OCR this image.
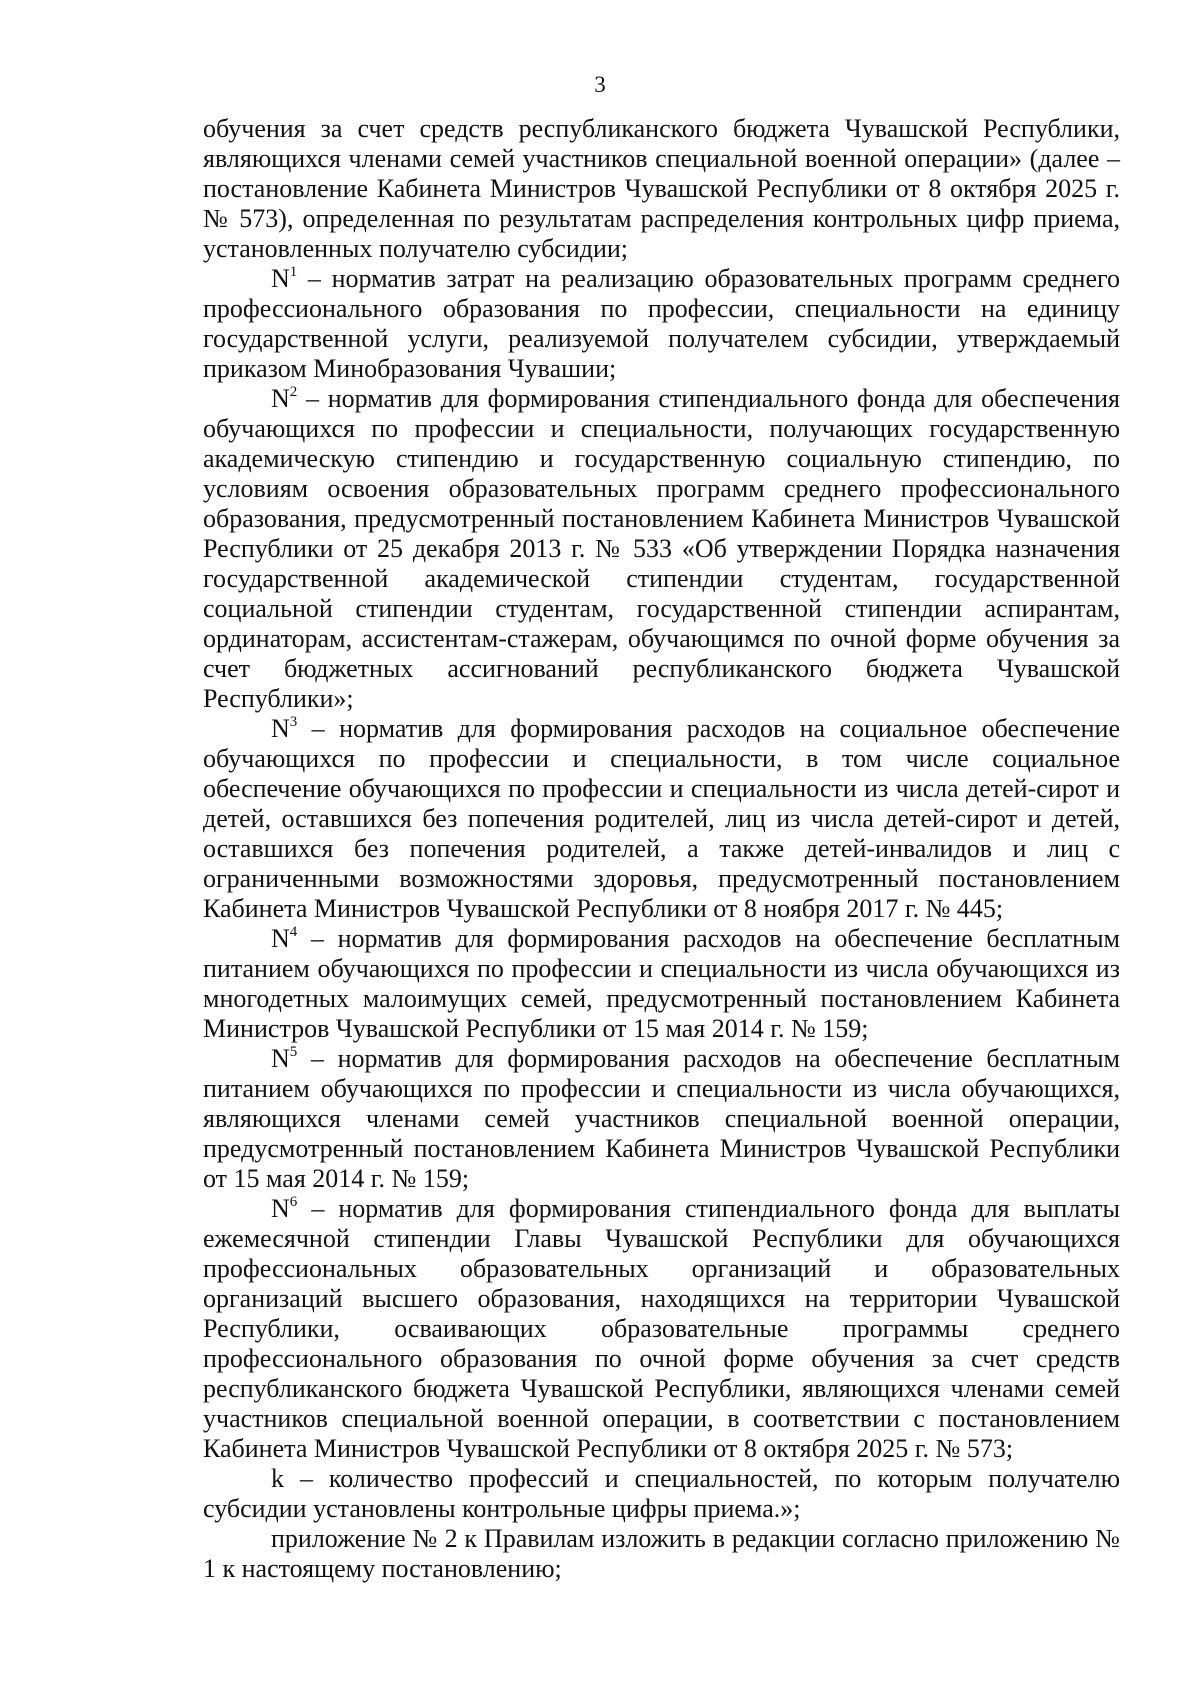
3

обучения за счет средств республиканского бюджета Чувашской Республики, являющихся членами семей участников специальной военной операции» (далее – постановление Кабинета Министров Чувашской Республики от 8 октября 2025 г. № 573), определенная по результатам распределения контрольных цифр приема, установленных получателю субсидии;

$N^1$ – норматив затрат на реализацию образовательных программ среднего профессионального образования по профессии, специальности на единицу государственной услуги, реализуемой получателем субсидии, утверждаемый приказом Минобразования Чувашии;

$N^2$ – норматив для формирования стипендиального фонда для обеспечения обучающихся по профессии и специальности, получающих государственную академическую стипендию и государственную социальную стипендию, по условиям освоения образовательных программ среднего профессионального образования, предусмотренный постановлением Кабинета Министров Чувашской Республики от 25 декабря 2013 г. № 533 «Об утверждении Порядка назначения государственной академической стипендии студентам, государственной социальной стипендии студентам, государственной стипендии аспирантам, ординаторам, ассистентам-стажерам, обучающимся по очной форме обучения за счет бюджетных ассигнований республиканского бюджета Чувашской Республики»;

$N^3$ – норматив для формирования расходов на социальное обеспечение обучающихся по профессии и специальности, в том числе социальное обеспечение обучающихся по профессии и специальности из числа детей-сирот и детей, оставшихся без попечения родителей, лиц из числа детей-сирот и детей, оставшихся без попечения родителей, а также детей-инвалидов и лиц с ограниченными возможностями здоровья, предусмотренный постановлением Кабинета Министров Чувашской Республики от 8 ноября 2017 г. № 445;

$N^4$ – норматив для формирования расходов на обеспечение бесплатным питанием обучающихся по профессии и специальности из числа обучающихся из многодетных малоимущих семей, предусмотренный постановлением Кабинета Министров Чувашской Республики от 15 мая 2014 г. № 159;

$N^5$ – норматив для формирования расходов на обеспечение бесплатным питанием обучающихся по профессии и специальности из числа обучающихся, являющихся членами семей участников специальной военной операции, предусмотренный постановлением Кабинета Министров Чувашской Республики от 15 мая 2014 г. № 159;

$N^6$ – норматив для формирования стипендиального фонда для выплаты ежемесячной стипендии Главы Чувашской Республики для обучающихся профессиональных образовательных организаций и образовательных организаций высшего образования, находящихся на территории Чувашской Республики, осваивающих образовательные программы среднего профессионального образования по очной форме обучения за счет средств республиканского бюджета Чувашской Республики, являющихся членами семей участников специальной военной операции, в соответствии с постановлением Кабинета Министров Чувашской Республики от 8 октября 2025 г. № 573;

k – количество профессий и специальностей, по которым получателю субсидии установлены контрольные цифры приема.»;

приложение № 2 к Правилам изложить в редакции согласно приложению № 1 к настоящему постановлению;
